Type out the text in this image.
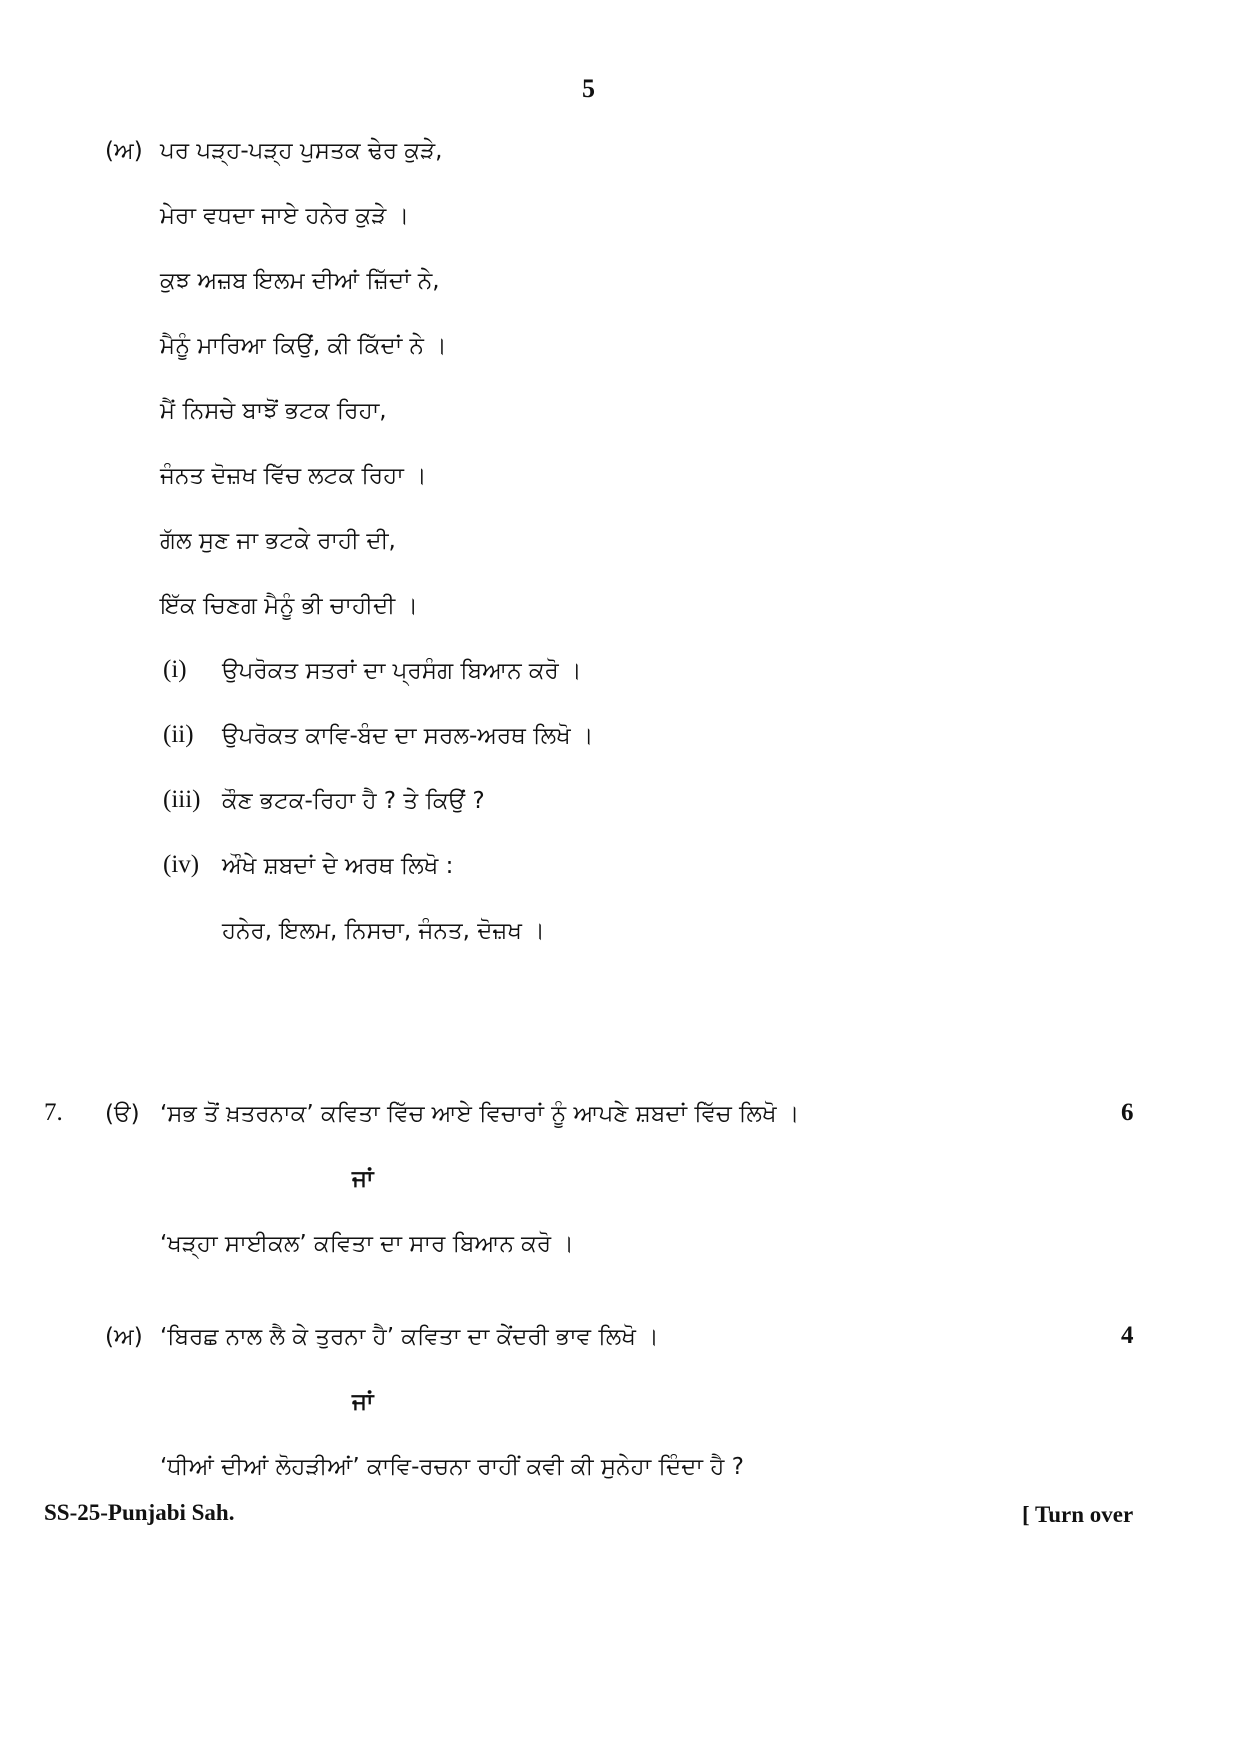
5
(ਅ) ਪਰ ਪੜ੍ਹ-ਪੜ੍ਹ ਪੁਸਤਕ ਢੇਰ ਕੁੜੇ,
ਮੇਰਾ ਵਧਦਾ ਜਾਏ ਹਨੇਰ ਕੁੜੇ ।
ਕੁਝ ਅਜ਼ਬ ਇਲਮ ਦੀਆਂ ਜ਼ਿੱਦਾਂ ਨੇ,
ਮੈਨੂੰ ਮਾਰਿਆ ਕਿਉਂ, ਕੀ ਕਿੱਦਾਂ ਨੇ ।
ਮੈਂ ਨਿਸਚੇ ਬਾਝੋਂ ਭਟਕ ਰਿਹਾ,
ਜੰਨਤ ਦੋਜ਼ਖ ਵਿੱਚ ਲਟਕ ਰਿਹਾ ।
ਗੱਲ ਸੁਣ ਜਾ ਭਟਕੇ ਰਾਹੀ ਦੀ,
ਇੱਕ ਚਿਣਗ ਮੈਨੂੰ ਭੀ ਚਾਹੀਦੀ ।
(i) ਉਪਰੋਕਤ ਸਤਰਾਂ ਦਾ ਪ੍ਰਸੰਗ ਬਿਆਨ ਕਰੋ ।
(ii) ਉਪਰੋਕਤ ਕਾਵਿ-ਬੰਦ ਦਾ ਸਰਲ-ਅਰਥ ਲਿਖੋ ।
(iii) ਕੌਣ ਭਟਕ-ਰਿਹਾ ਹੈ ? ਤੇ ਕਿਉਂ ?
(iv) ਔਖੇ ਸ਼ਬਦਾਂ ਦੇ ਅਰਥ ਲਿਖੋ :
ਹਨੇਰ, ਇਲਮ, ਨਿਸਚਾ, ਜੰਨਤ, ਦੋਜ਼ਖ ।
7. (ੳ) ‘ਸਭ ਤੋਂ ਖ਼ਤਰਨਾਕ’ ਕਵਿਤਾ ਵਿੱਚ ਆਏ ਵਿਚਾਰਾਂ ਨੂੰ ਆਪਣੇ ਸ਼ਬਦਾਂ ਵਿੱਚ ਲਿਖੋ ।	6
ਜਾਂ
‘ਖੜ੍ਹਾ ਸਾਈਕਲ’ ਕਵਿਤਾ ਦਾ ਸਾਰ ਬਿਆਨ ਕਰੋ ।
(ਅ) ‘ਬਿਰਛ ਨਾਲ ਲੈ ਕੇ ਤੁਰਨਾ ਹੈ’ ਕਵਿਤਾ ਦਾ ਕੇਂਦਰੀ ਭਾਵ ਲਿਖੋ ।	4
ਜਾਂ
‘ਧੀਆਂ ਦੀਆਂ ਲੋਹੜੀਆਂ’ ਕਾਵਿ-ਰਚਨਾ ਰਾਹੀਂ ਕਵੀ ਕੀ ਸੁਨੇਹਾ ਦਿੰਦਾ ਹੈ ?
SS-25-Punjabi Sah.	[ Turn over
